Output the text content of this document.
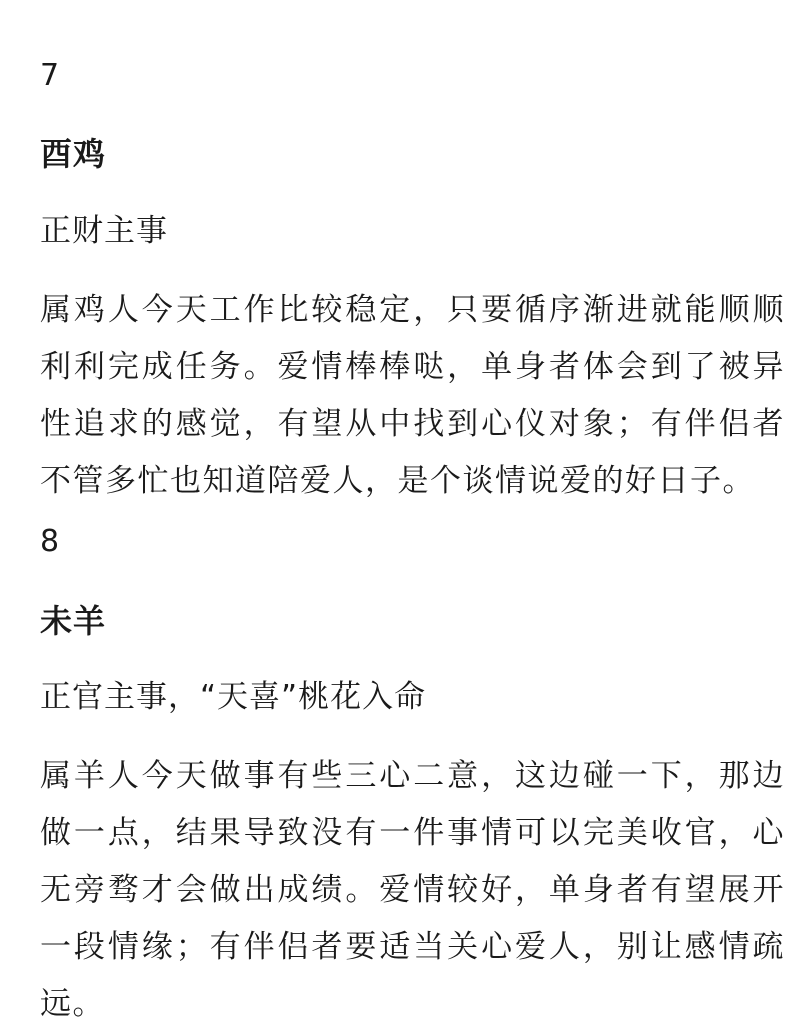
7
酉鸡
正财主事
属鸡人今天工作比较稳定，只要循序渐进就能顺顺利利完成任务。爱情棒棒哒，单身者体会到了被异性追求的感觉，有望从中找到心仪对象；有伴侣者不管多忙也知道陪爱人，是个谈情说爱的好日子。
8
未羊
正官主事，“天喜”桃花入命
属羊人今天做事有些三心二意，这边碰一下，那边做一点，结果导致没有一件事情可以完美收官，心无旁骛才会做出成绩。爱情较好，单身者有望展开一段情缘；有伴侣者要适当关心爱人，别让感情疏远。
